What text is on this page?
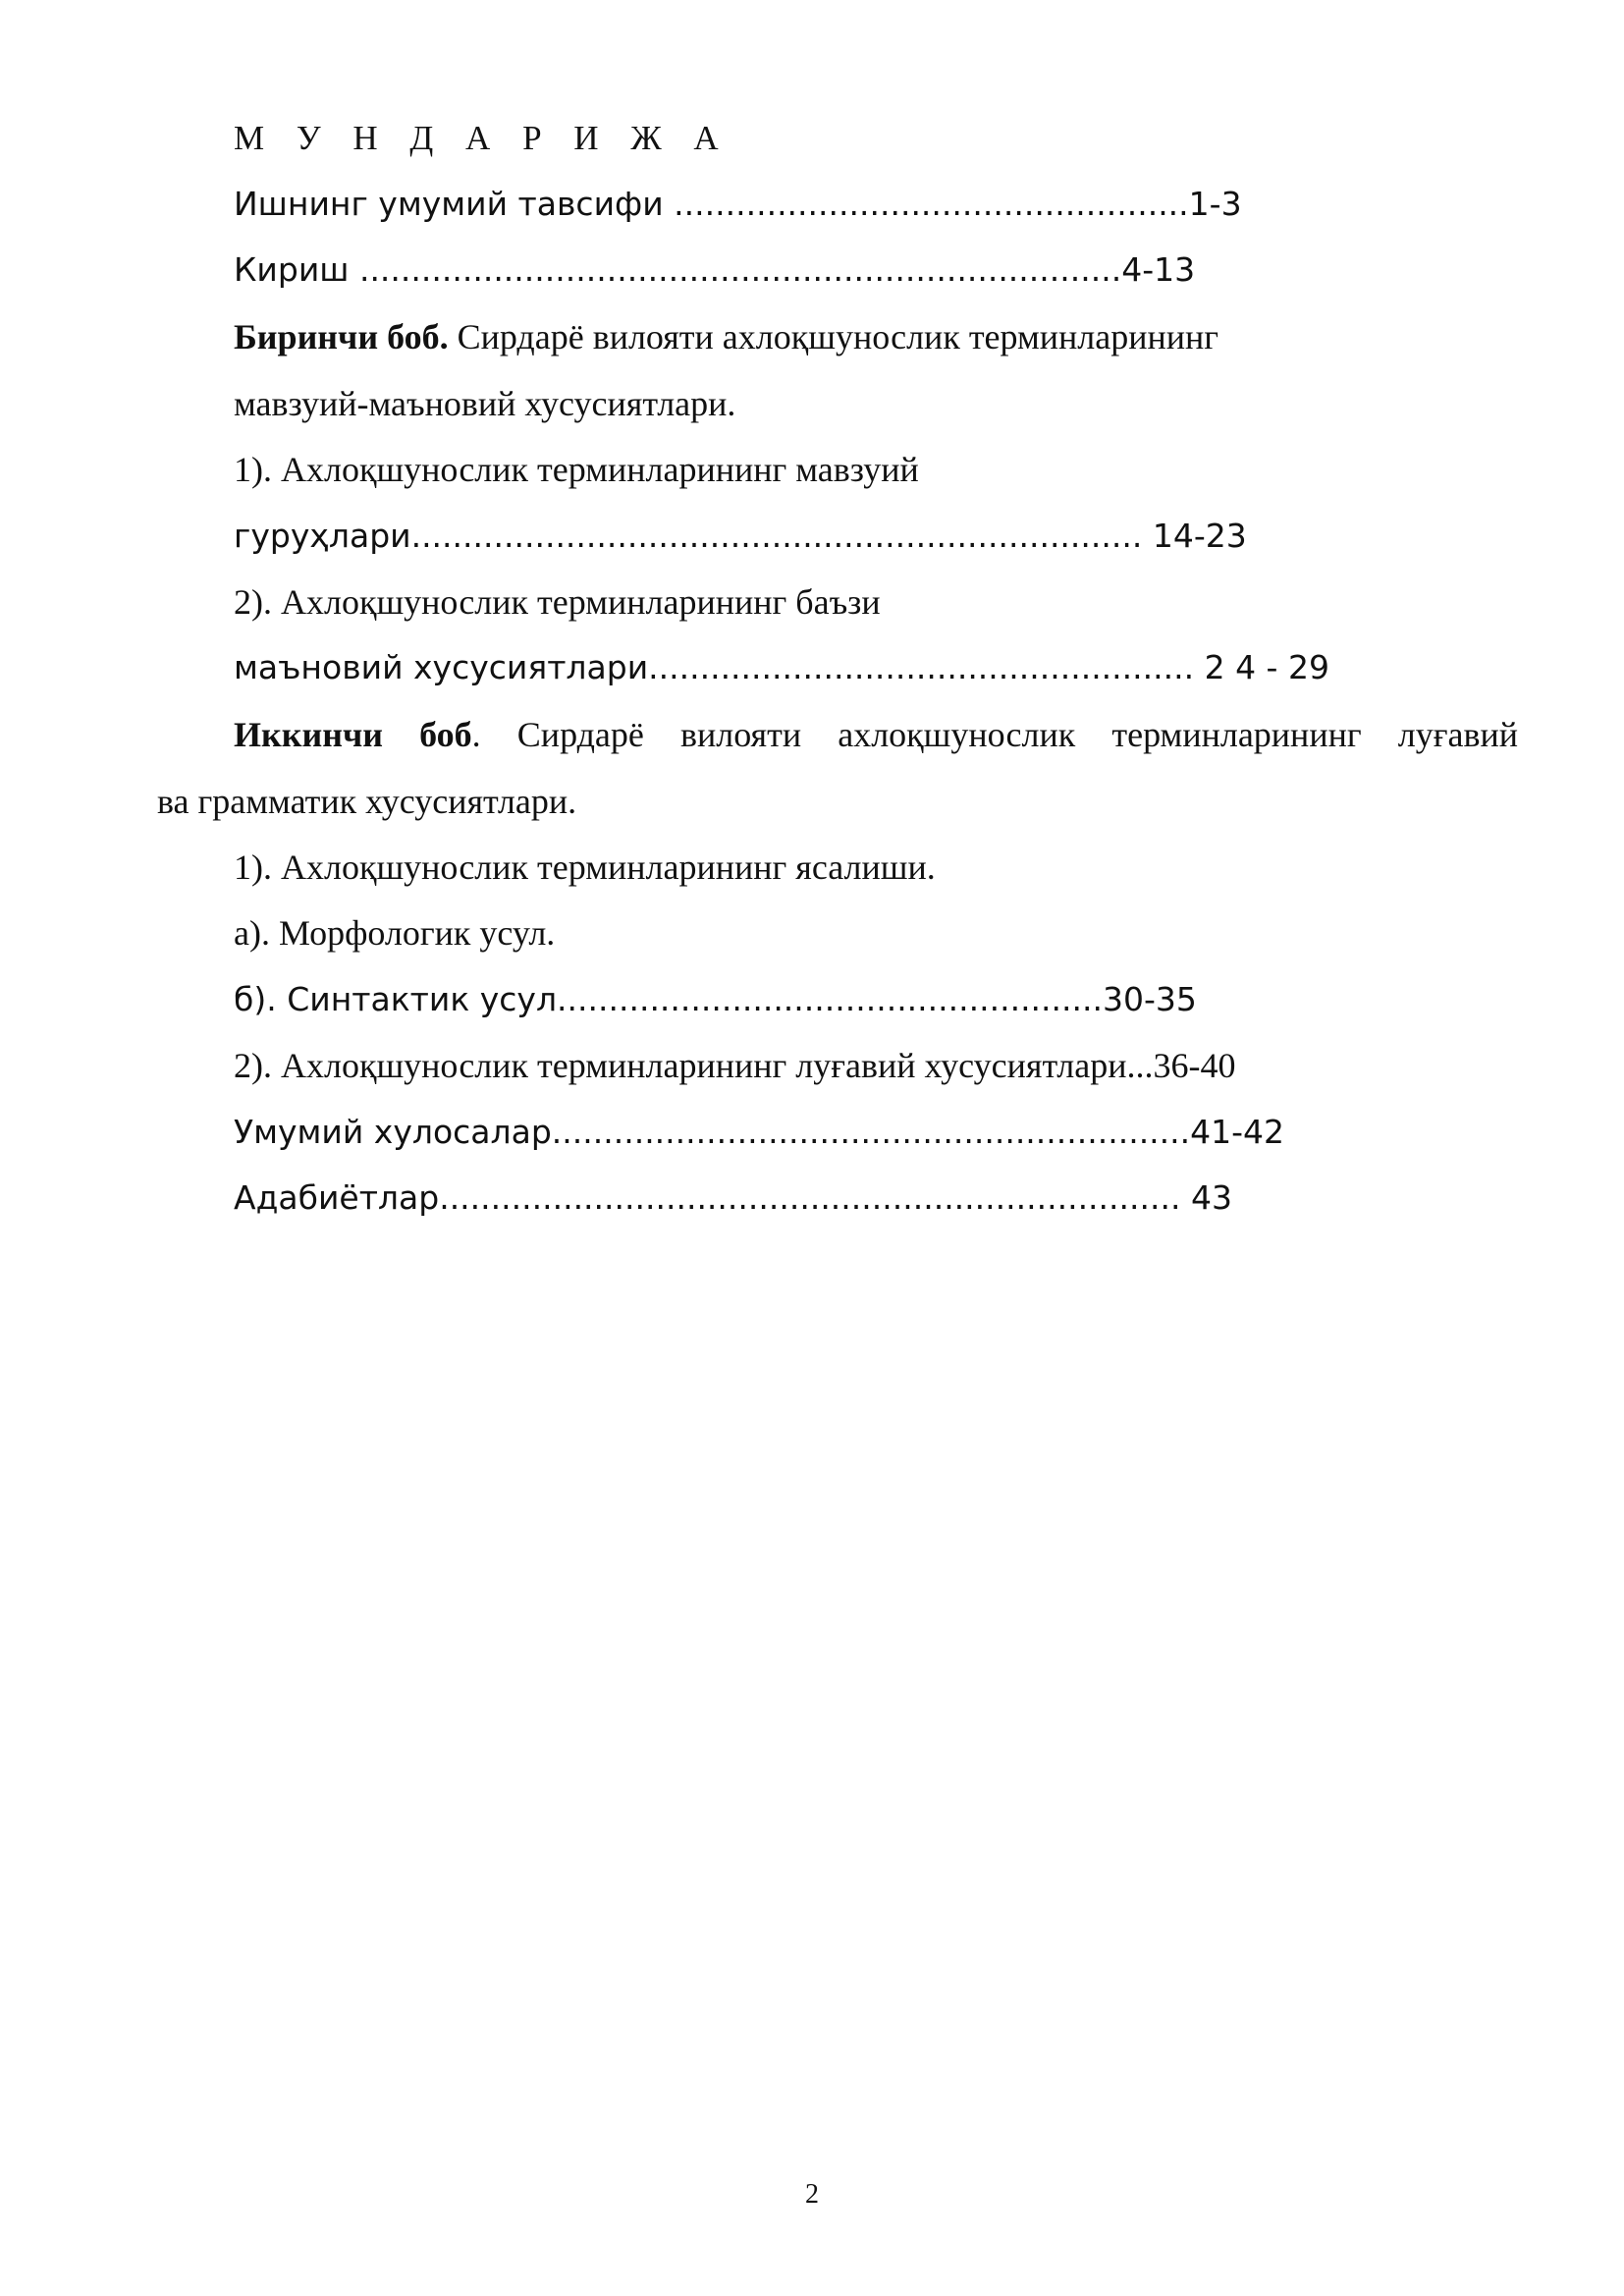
М У Н Д А Р И Ж А
Ишнинг умумий тавсифи ..................................................1-3
Кириш ..........................................................................4-13
Биринчи боб. Сирдарё вилояти ахлоқшунослик терминларининг
мавзуий-маъновий хусусиятлари.
1). Ахлоқшунослик терминларининг мавзуий
гуруҳлари....................................................................... 14-23
2). Ахлоқшунослик терминларининг баъзи
маъновий хусусиятлари..................................................... 2 4 - 29
Иккинчи боб. Сирдарё вилояти ахлоқшунослик терминларининг луғавий
ва грамматик хусусиятлари.
1). Ахлоқшунослик терминларининг ясалиши.
а). Морфологик усул.
б). Синтактик усул.....................................................30-35
2). Ахлоқшунослик терминларининг луғавий хусусиятлари...36-40
Умумий хулосалар..............................................................41-42
Адабиётлар........................................................................ 43
2
